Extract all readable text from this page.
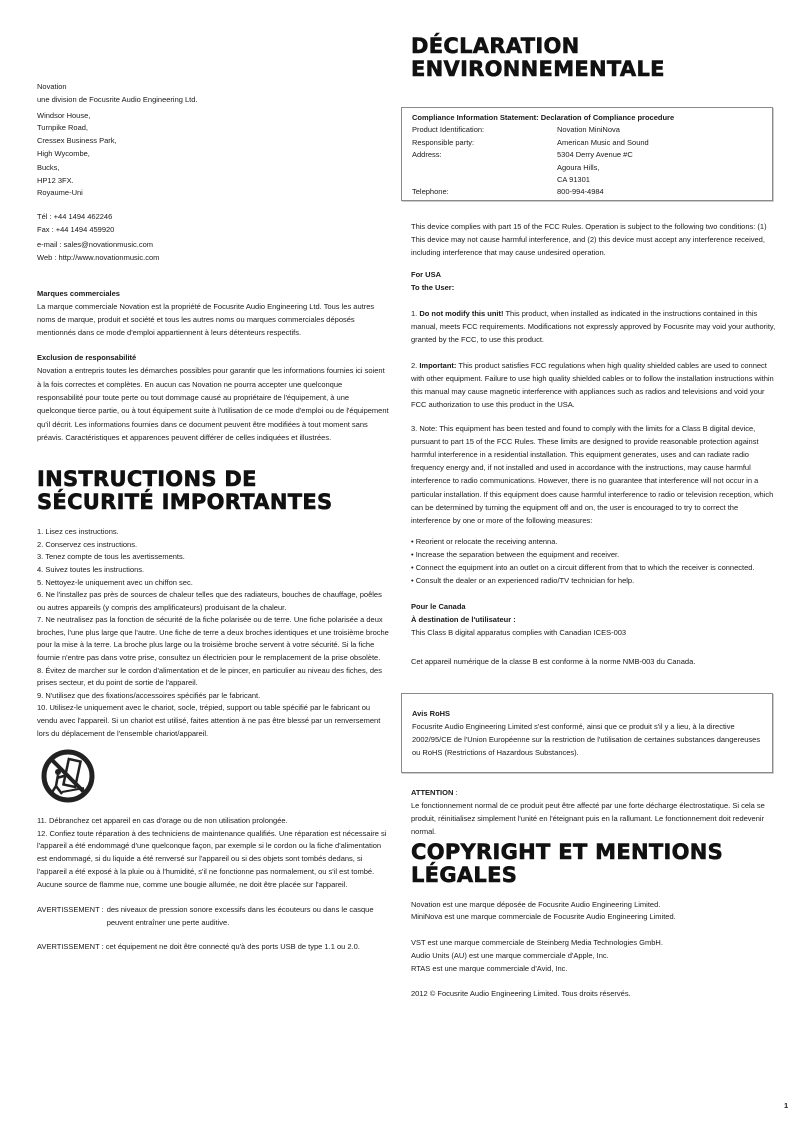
Novation
une division de Focusrite Audio Engineering Ltd.
Windsor House,
Turnpike Road,
Cressex Business Park,
High Wycombe,
Bucks,
HP12 3FX.
Royaume-Uni
Tél : +44 1494 462246
Fax : +44 1494 459920
e-mail : sales@novationmusic.com
Web : http://www.novationmusic.com
Marques commerciales

La marque commerciale Novation est la propriété de Focusrite Audio Engineering Ltd. Tous les autres noms de marque, produit et société et tous les autres noms ou marques commerciales déposés mentionnés dans ce mode d'emploi appartiennent à leurs détenteurs respectifs.

Exclusion de responsabilité

Novation a entrepris toutes les démarches possibles pour garantir que les informations fournies ici soient à la fois correctes et complètes. En aucun cas Novation ne pourra accepter une quelconque responsabilité pour toute perte ou tout dommage causé au propriétaire de l'équipement, à une quelconque tierce partie, ou à tout équipement suite à l'utilisation de ce mode d'emploi ou de l'équipement qu'il décrit. Les informations fournies dans ce document peuvent être modifiées à tout moment sans préavis. Caractéristiques et apparences peuvent différer de celles indiquées et illustrées.

INSTRUCTIONS DE
SÉCURITÉ IMPORTANTES
1. Lisez ces instructions.
2. Conservez ces instructions.
3. Tenez compte de tous les avertissements.
4. Suivez toutes les instructions.
5. Nettoyez-le uniquement avec un chiffon sec.
6. Ne l'installez pas près de sources de chaleur telles que des radiateurs, bouches de chauffage, poêles ou autres appareils (y compris des amplificateurs) produisant de la chaleur.
7. Ne neutralisez pas la fonction de sécurité de la fiche polarisée ou de terre. Une fiche polarisée a deux broches, l'une plus large que l'autre. Une fiche de terre a deux broches identiques et une troisième broche pour la mise à la terre. La broche plus large ou la troisième broche servent à votre sécurité. Si la fiche fournie n'entre pas dans votre prise, consultez un électricien pour le remplacement de la prise obsolète.
8. Évitez de marcher sur le cordon d'alimentation et de le pincer, en particulier au niveau des fiches, des prises secteur, et du point de sortie de l'appareil.
9. N'utilisez que des fixations/accessoires spécifiés par le fabricant.
10. Utilisez-le uniquement avec le chariot, socle, trépied, support ou table spécifié par le fabricant ou vendu avec l'appareil. Si un chariot est utilisé, faites attention à ne pas être blessé par un renversement lors du déplacement de l'ensemble chariot/appareil.
11. Débranchez cet appareil en cas d'orage ou de non utilisation prolongée.
12. Confiez toute réparation à des techniciens de maintenance qualifiés. Une réparation est nécessaire si l'appareil a été endommagé d'une quelconque façon, par exemple si le cordon ou la fiche d'alimentation est endommagé, si du liquide a été renversé sur l'appareil ou si des objets sont tombés dedans, si l'appareil a été exposé à la pluie ou à l'humidité, s'il ne fonctionne pas normalement, ou s'il est tombé.
Aucune source de flamme nue, comme une bougie allumée, ne doit être placée sur l'appareil.
AVERTISSEMENT : des niveaux de pression sonore excessifs dans les écouteurs ou dans le casque peuvent entraîner une perte auditive.
AVERTISSEMENT : cet équipement ne doit être connecté qu'à des ports USB de type 1.1 ou 2.0.
DÉCLARATION
ENVIRONNEMENTALE
Compliance Information Statement: Declaration of Compliance procedure
Product Identification:	Novation MiniNova
Responsible party:	American Music and Sound
Address:	5304 Derry Avenue #C
Agoura Hills,
CA 91301
Telephone:	800-994-4984

This device complies with part 15 of the FCC Rules. Operation is subject to the following two conditions: (1) This device may not cause harmful interference, and (2) this device must accept any interference received, including interference that may cause undesired operation.

For USA
To the User:

1. Do not modify this unit! This product, when installed as indicated in the instructions contained in this manual, meets FCC requirements. Modifications not expressly approved by Focusrite may void your authority, granted by the FCC, to use this product.

2. Important: This product satisfies FCC regulations when high quality shielded cables are used to connect with other equipment. Failure to use high quality shielded cables or to follow the installation instructions within this manual may cause magnetic interference with appliances such as radios and televisions and void your FCC authorization to use this product in the USA.

3. Note: This equipment has been tested and found to comply with the limits for a Class B digital device, pursuant to part 15 of the FCC Rules. These limits are designed to provide reasonable protection against harmful interference in a residential installation. This equipment generates, uses and can radiate radio frequency energy and, if not installed and used in accordance with the instructions, may cause harmful interference to radio communications. However, there is no guarantee that interference will not occur in a particular installation. If this equipment does cause harmful interference to radio or television reception, which can be determined by turning the equipment off and on, the user is encouraged to try to correct the interference by one or more of the following measures:

• Reorient or relocate the receiving antenna.
• Increase the separation between the equipment and receiver.
• Connect the equipment into an outlet on a circuit different from that to which the receiver is connected.
• Consult the dealer or an experienced radio/TV technician for help.
Pour le Canada
À destination de l'utilisateur :
This Class B digital apparatus complies with Canadian ICES-003
Cet appareil numérique de la classe B est conforme à la norme NMB-003 du Canada.
Avis RoHS

Focusrite Audio Engineering Limited s'est conformé, ainsi que ce produit s'il y a lieu, à la directive 2002/95/CE de l'Union Européenne sur la restriction de l'utilisation de certaines substances dangereuses ou RoHS (Restrictions of Hazardous Substances).

ATTENTION :

Le fonctionnement normal de ce produit peut être affecté par une forte décharge électrostatique. Si cela se produit, réinitialisez simplement l'unité en l'éteignant puis en la rallumant. Le fonctionnement doit redevenir normal.

COPYRIGHT ET MENTIONS
LÉGALES
Novation est une marque déposée de Focusrite Audio Engineering Limited.
MiniNova est une marque commerciale de Focusrite Audio Engineering Limited.
VST est une marque commerciale de Steinberg Media Technologies GmbH.
Audio Units (AU) est une marque commerciale d'Apple, Inc.
RTAS est une marque commerciale d'Avid, Inc.
2012 © Focusrite Audio Engineering Limited. Tous droits réservés.
1
